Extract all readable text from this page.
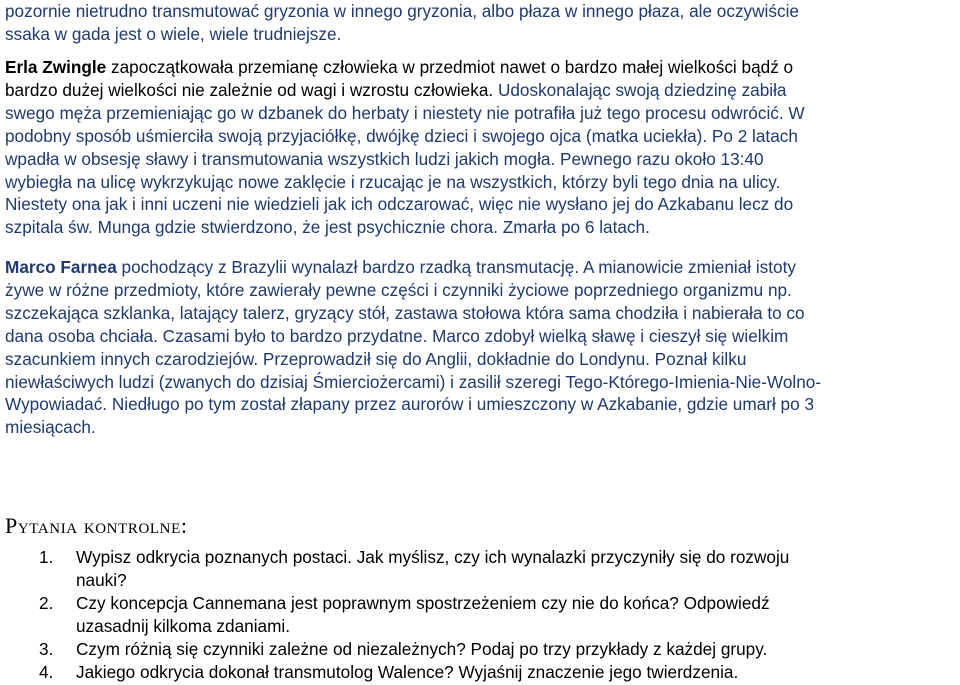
pozornie nietrudno transmutować gryzonia w innego gryzonia, albo płaza w innego płaza, ale oczywiście
ssaka w gada jest o wiele, wiele trudniejsze.
Erla Zwingle zapoczątkowała przemianę człowieka w przedmiot nawet o bardzo małej wielkości bądź o
bardzo dużej wielkości nie zależnie od wagi i wzrostu człowieka. Udoskonalając swoją dziedzinę zabiła
swego męża przemieniając go w dzbanek do herbaty i niestety nie potrafiła już tego procesu odwrócić. W
podobny sposób uśmierciła swoją przyjaciółkę, dwójkę dzieci i swojego ojca (matka uciekła). Po 2 latach
wpadła w obsesję sławy i transmutowania wszystkich ludzi jakich mogła. Pewnego razu około 13:40
wybiegła na ulicę wykrzykując nowe zaklęcie i rzucając je na wszystkich, którzy byli tego dnia na ulicy.
Niestety ona jak i inni uczeni nie wiedzieli jak ich odczarować, więc nie wysłano jej do Azkabanu lecz do
szpitala św. Munga gdzie stwierdzono, że jest psychicznie chora. Zmarła po 6 latach.
Marco Farnea pochodzący z Brazylii wynalazł bardzo rzadką transmutację. A mianowicie zmieniał istoty
żywe w różne przedmioty, które zawierały pewne części i czynniki życiowe poprzedniego organizmu np.
szczekająca szklanka, latający talerz, gryzący stół, zastawa stołowa która sama chodziła i nabierała to co
dana osoba chciała. Czasami było to bardzo przydatne. Marco zdobył wielką sławę i cieszył się wielkim
szacunkiem innych czarodziejów. Przeprowadził się do Anglii, dokładnie do Londynu. Poznał kilku
niewłaściwych ludzi (zwanych do dzisiaj Śmierciożercami) i zasilił szeregi Tego-Którego-Imienia-Nie-Wolno-
Wypowiadać. Niedługo po tym został złapany przez aurorów i umieszczony w Azkabanie, gdzie umarł po 3
miesiącach.
Pytania kontrolne:
1.	Wypisz odkrycia poznanych postaci. Jak myślisz, czy ich wynalazki przyczyniły się do rozwoju
nauki?
2.	Czy koncepcja Cannemana jest poprawnym spostrzeżeniem czy nie do końca? Odpowiedź
uzasadnij kilkoma zdaniami.
3.	Czym różnią się czynniki zależne od niezależnych? Podaj po trzy przykłady z każdej grupy.
4.	Jakiego odkrycia dokonał transmutolog Walence? Wyjaśnij znaczenie jego twierdzenia.
